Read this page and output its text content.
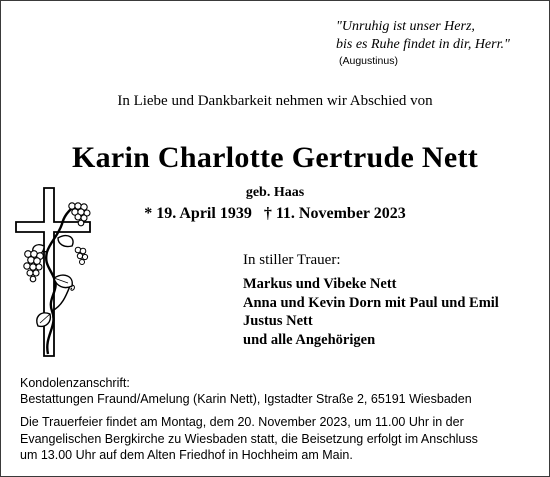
"Unruhig ist unser Herz,
bis es Ruhe findet in dir, Herr."
(Augustinus)
In Liebe und Dankbarkeit nehmen wir Abschied von
Karin Charlotte Gertrude Nett
geb. Haas
* 19. April 1939   † 11. November 2023
In stiller Trauer:
Markus und Vibeke Nett
Anna und Kevin Dorn mit Paul und Emil
Justus Nett
und alle Angehörigen
Kondolenzanschrift:
Bestattungen Fraund/Amelung (Karin Nett), Igstadter Straße 2, 65191 Wiesbaden
Die Trauerfeier findet am Montag, dem 20. November 2023, um 11.00 Uhr in der
Evangelischen Bergkirche zu Wiesbaden statt, die Beisetzung erfolgt im Anschluss
um 13.00 Uhr auf dem Alten Friedhof in Hochheim am Main.
